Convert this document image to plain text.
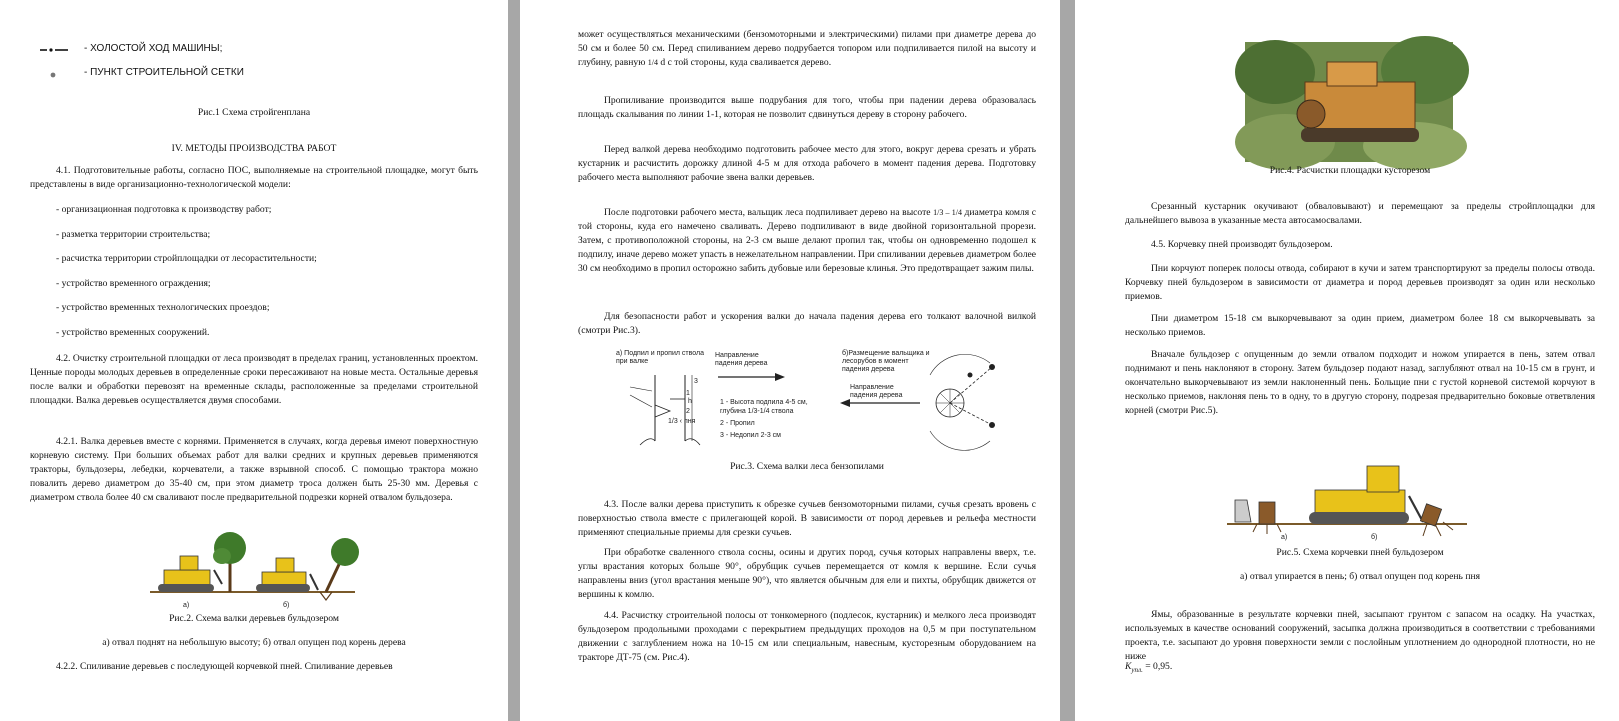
- ХОЛОСТОЙ ХОД МАШИНЫ;
- ПУНКТ СТРОИТЕЛЬНОЙ СЕТКИ

Рис.1 Схема стройгенплана

IV. МЕТОДЫ ПРОИЗВОДСТВА РАБОТ

4.1. Подготовительные работы, согласно ПОС, выполняемые на строительной площадке, могут быть представлены в виде организационно-технологической модели:

- организационная подготовка к производству работ;
- разметка территории строительства;
- расчистка территории стройплощадки от лесорастительности;
- устройство временного ограждения;
- устройство временных технологических проездов;
- устройство временных сооружений.

4.2. Очистку строительной площадки от леса производят в пределах границ, установленных проектом. Ценные породы молодых деревьев в определенные сроки пересаживают на новые места. Остальные деревья после валки и обработки перевозят на временные склады, расположенные за пределами строительной площадки. Валка деревьев осуществляется двумя способами.

4.2.1. Валка деревьев вместе с корнями. Применяется в случаях, когда деревья имеют поверхностную корневую систему. При больших объемах работ для валки средних и крупных деревьев применяются тракторы, бульдозеры, лебедки, корчеватели, а также взрывной способ. С помощью трактора можно повалить дерево диаметром до 35-40 см, при этом диаметр троса должен быть 25-30 мм. Деревья с диаметром ствола более 40 см сваливают после предварительной подрезки корней отвалом бульдозера.

а)	б)

Рис.2. Схема валки деревьев бульдозером

а) отвал поднят на небольшую высоту; б) отвал опущен под корень дерева

4.2.2. Спиливание деревьев с последующей корчевкой пней. Спиливание деревьев

может осуществляться механическими (бензомоторными и электрическими) пилами при диаметре дерева до 50 см и более 50 см. Перед спиливанием дерево подрубается топором или подпиливается пилой на высоту и глубину, равную 1/4 d с той стороны, куда сваливается дерево.

Пропиливание производится выше подрубания для того, чтобы при падении дерева образовалась площадь скалывания по линии 1-1, которая не позволит сдвинуться дереву в сторону рабочего.

Перед валкой дерева необходимо подготовить рабочее место для этого, вокруг дерева срезать и убрать кустарник и расчистить дорожку длиной 4-5 м для отхода рабочего в момент падения дерева. Подготовку рабочего места выполняют рабочие звена валки деревьев.

После подготовки рабочего места, вальщик леса подпиливает дерево на высоте 1/3 – 1/4 диаметра комля с той стороны, куда его намечено сваливать. Дерево подпиливают в виде двойной горизонтальной прорези. Затем, с противоположной стороны, на 2-3 см выше делают пропил так, чтобы он одновременно подошел к подпилу, иначе дерево может упасть в нежелательном направлении. При спиливании деревьев диаметром более 30 см необходимо в пропил осторожно забить дубовые или березовые клинья. Это предотвращает зажим пилы.

Для безопасности работ и ускорения валки до начала падения дерева его толкают валочной вилкой (смотри Рис.3).

а) Подпил и пропил ствола при валке
Направление падения дерева
1 - Высота подпила 4-5 см, глубина 1/3-1/4 ствола
2 - Пропил
3 - Недопил 2-3 см
h
1/3 ‹ пня
1
2
3
б)Размещение вальщика и лесорубов в момент падения дерева
Направление падения дерева

Рис.3. Схема валки леса бензопилами

4.3. После валки дерева приступить к обрезке сучьев бензомоторными пилами, сучья срезать вровень с поверхностью ствола вместе с прилегающей корой. В зависимости от пород деревьев и рельефа местности применяют специальные приемы для срезки сучьев.

При обработке сваленного ствола сосны, осины и других пород, сучья которых направлены вверх, т.е. углы врастания которых больше 90°, обрубщик сучьев перемещается от комля к вершине. Если сучья направлены вниз (угол врастания меньше 90°), что является обычным для ели и пихты, обрубщик движется от вершины к комлю.

4.4. Расчистку строительной полосы от тонкомерного (подлесок, кустарник) и мелкого леса производят бульдозером продольными проходами с перекрытием предыдущих проходов на 0,5 м при поступательном движении с заглублением ножа на 10-15 см или специальным, навесным, кусторезным оборудованием на тракторе ДТ-75 (см. Рис.4).

Рис.4. Расчистки площадки кусторезом

Срезанный кустарник окучивают (обваловывают) и перемещают за пределы стройплощадки для дальнейшего вывоза в указанные места автосамосвалами.

4.5. Корчевку пней производят бульдозером.

Пни корчуют поперек полосы отвода, собирают в кучи и затем транспортируют за пределы полосы отвода. Корчевку пней бульдозером в зависимости от диаметра и пород деревьев производят за один или несколько приемов.

Пни диаметром 15-18 см выкорчевывают за один прием, диаметром более 18 см выкорчевывать за несколько приемов.

Вначале бульдозер с опущенным до земли отвалом подходит и ножом упирается в пень, затем отвал поднимают и пень наклоняют в сторону. Затем бульдозер подают назад, заглубляют отвал на 10-15 см в грунт, и окончательно выкорчевывают из земли наклоненный пень. Больщие пни с густой корневой системой корчуют в несколько приемов, наклоняя пень то в одну, то в другую сторону, подрезая предварительно боковые ответвления корней (смотри Рис.5).

а)	б)

Рис.5. Схема корчевки пней бульдозером

а) отвал упирается в пень; б) отвал опущен под корень пня

Ямы, образованные в результате корчевки пней, засыпают грунтом с запасом на осадку. На участках, используемых в качестве оснований сооружений, засыпка должна производиться в соответствии с требованиями проекта, т.е. засыпают до уровня поверхности земли с послойным уплотнением до однородной плотности, но не ниже

$K_{упл.} = 0,95$.
